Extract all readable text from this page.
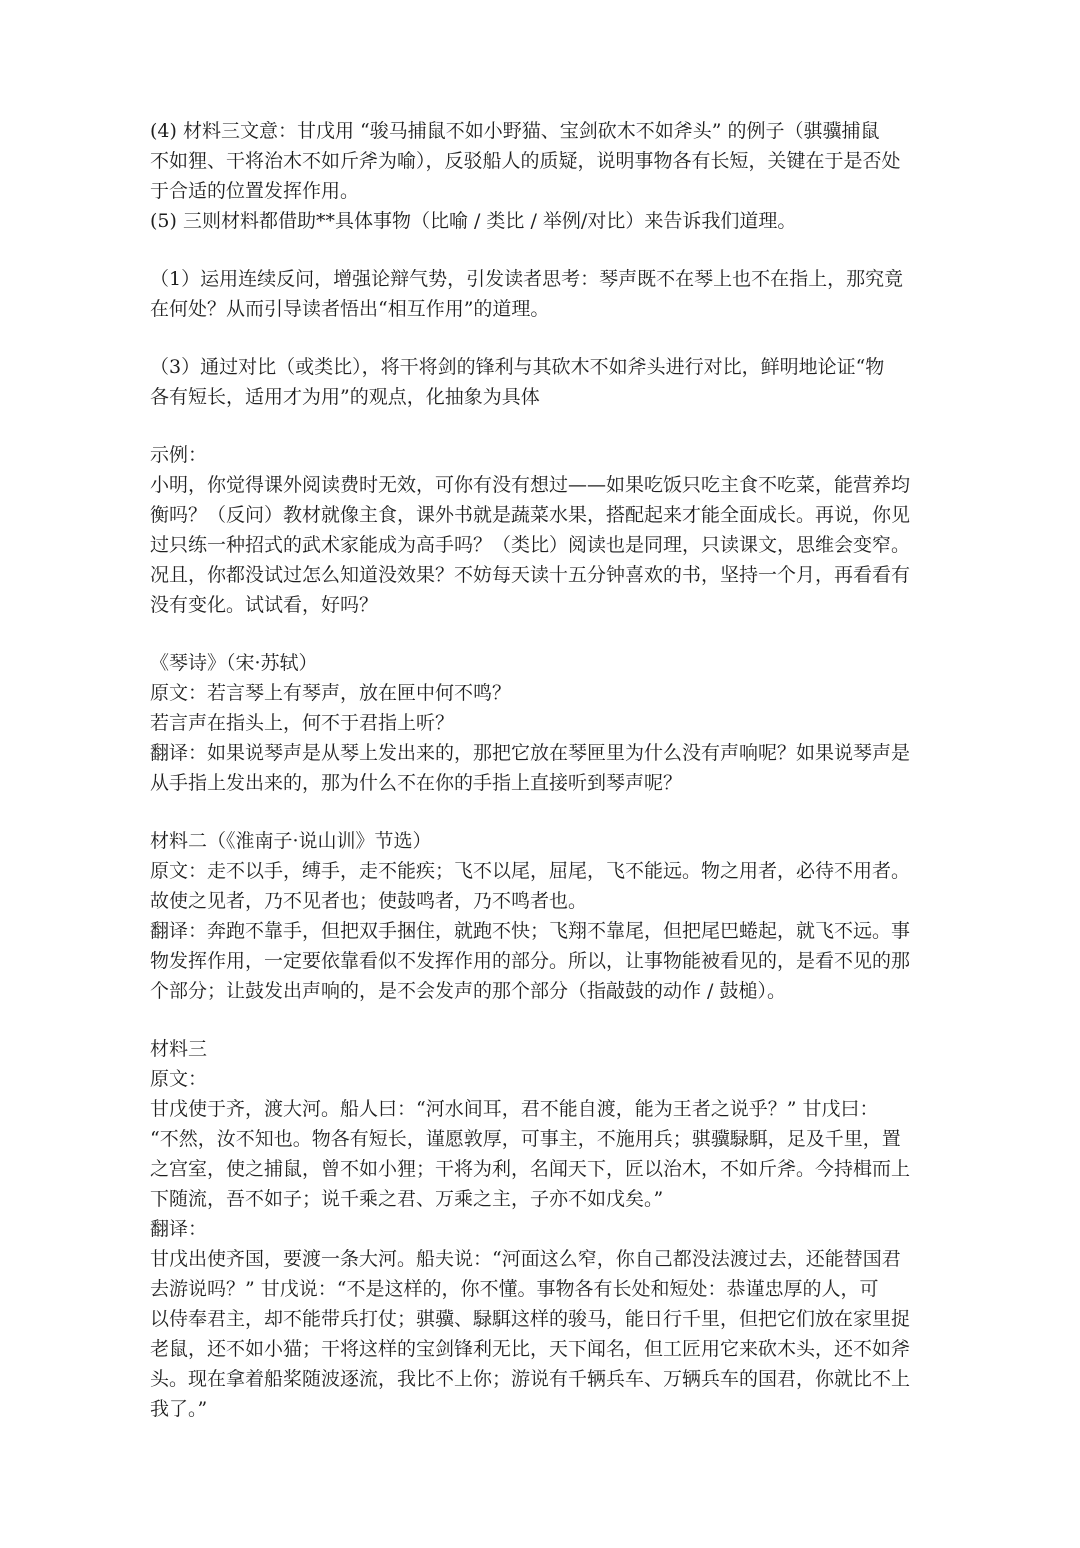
(4) 材料三文意：甘戊用 “骏马捕鼠不如小野猫、宝剑砍木不如斧头” 的例子（骐骥捕鼠
不如狸、干将治木不如斤斧为喻），反驳船人的质疑，说明事物各有长短，关键在于是否处
于合适的位置发挥作用。
(5) 三则材料都借助**具体事物（比喻 / 类比 / 举例/对比）来告诉我们道理。
（1）运用连续反问，增强论辩气势，引发读者思考：琴声既不在琴上也不在指上，那究竟
在何处？从而引导读者悟出“相互作用”的道理。
（3）通过对比（或类比），将干将剑的锋利与其砍木不如斧头进行对比，鲜明地论证“物
各有短长，适用才为用”的观点，化抽象为具体
示例：
小明，你觉得课外阅读费时无效，可你有没有想过——如果吃饭只吃主食不吃菜，能营养均
衡吗？（反问）教材就像主食，课外书就是蔬菜水果，搭配起来才能全面成长。再说，你见
过只练一种招式的武术家能成为高手吗？（类比）阅读也是同理，只读课文，思维会变窄。
况且，你都没试过怎么知道没效果？不妨每天读十五分钟喜欢的书，坚持一个月，再看看有
没有变化。试试看，好吗？
《琴诗》（宋·苏轼）
原文：若言琴上有琴声，放在匣中何不鸣？
若言声在指头上，何不于君指上听？
翻译：如果说琴声是从琴上发出来的，那把它放在琴匣里为什么没有声响呢？如果说琴声是
从手指上发出来的，那为什么不在你的手指上直接听到琴声呢？
材料二（《淮南子·说山训》节选）
原文：走不以手，缚手，走不能疾；飞不以尾，屈尾，飞不能远。物之用者，必待不用者。
故使之见者，乃不见者也；使鼓鸣者，乃不鸣者也。
翻译：奔跑不靠手，但把双手捆住，就跑不快；飞翔不靠尾，但把尾巴蜷起，就飞不远。事
物发挥作用，一定要依靠看似不发挥作用的部分。所以，让事物能被看见的，是看不见的那
个部分；让鼓发出声响的，是不会发声的那个部分（指敲鼓的动作 / 鼓槌）。
材料三
原文：
甘戊使于齐，渡大河。船人曰：“河水间耳，君不能自渡，能为王者之说乎？” 甘戊曰：
“不然，汝不知也。物各有短长，谨愿敦厚，可事主，不施用兵；骐骥騄駬，足及千里，置
之宫室，使之捕鼠，曾不如小狸；干将为利，名闻天下，匠以治木，不如斤斧。今持楫而上
下随流，吾不如子；说千乘之君、万乘之主，子亦不如戊矣。”
翻译：
甘戊出使齐国，要渡一条大河。船夫说：“河面这么窄，你自己都没法渡过去，还能替国君
去游说吗？” 甘戊说：“不是这样的，你不懂。事物各有长处和短处：恭谨忠厚的人，可
以侍奉君主，却不能带兵打仗；骐骥、騄駬这样的骏马，能日行千里，但把它们放在家里捉
老鼠，还不如小猫；干将这样的宝剑锋利无比，天下闻名，但工匠用它来砍木头，还不如斧
头。现在拿着船桨随波逐流，我比不上你；游说有千辆兵车、万辆兵车的国君，你就比不上
我了。”
